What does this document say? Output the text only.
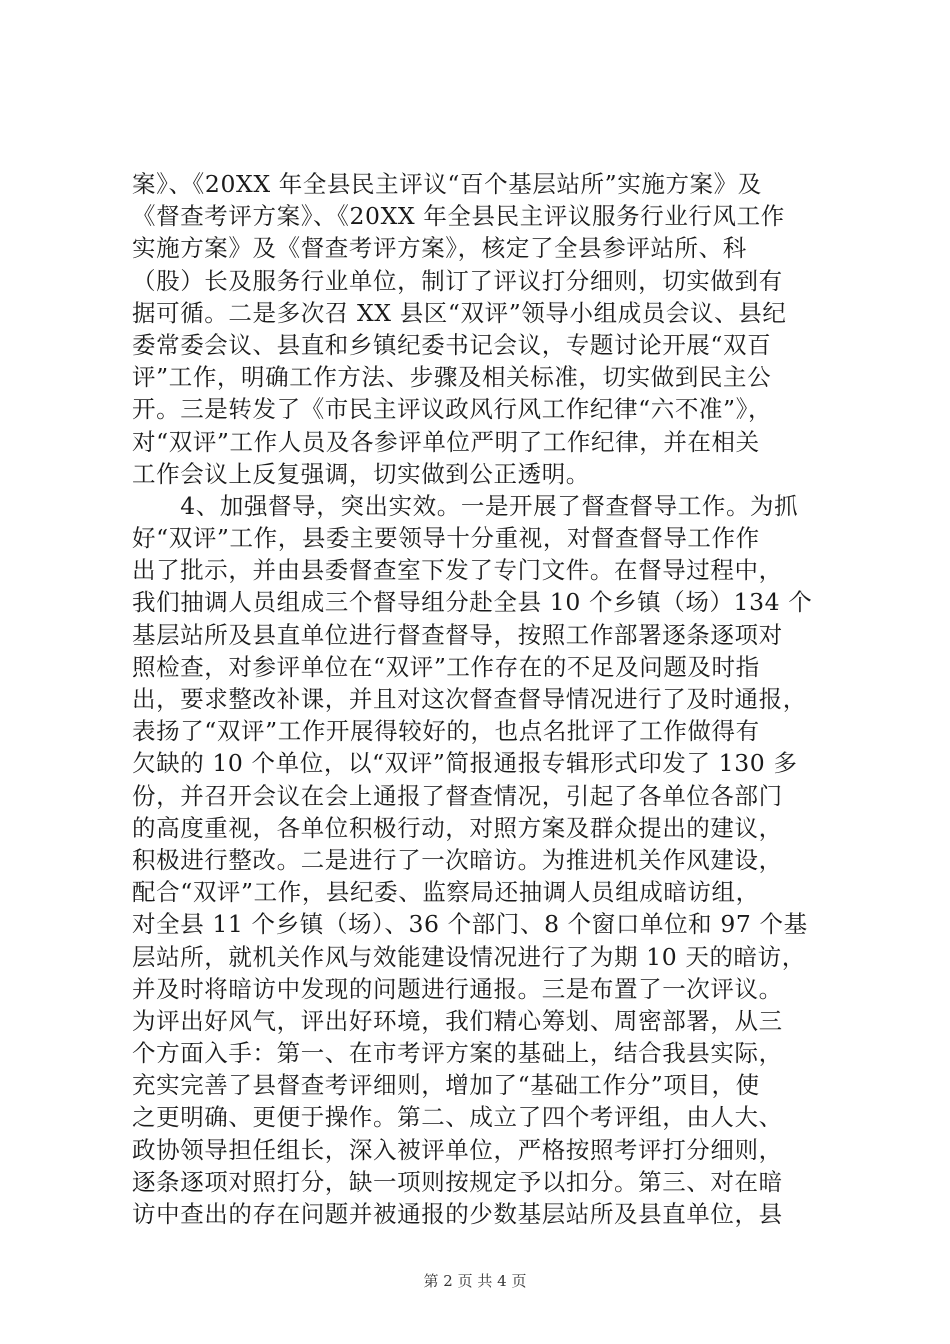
案》、《20XX 年全县民主评议“百个基层站所”实施方案》及
《督查考评方案》、《20XX 年全县民主评议服务行业行风工作
实施方案》及《督查考评方案》，核定了全县参评站所、科
（股）长及服务行业单位，制订了评议打分细则，切实做到有
据可循。二是多次召 XX 县区“双评”领导小组成员会议、县纪
委常委会议、县直和乡镇纪委书记会议，专题讨论开展“双百
评”工作，明确工作方法、步骤及相关标准，切实做到民主公
开。三是转发了《市民主评议政风行风工作纪律“六不准”》，
对“双评”工作人员及各参评单位严明了工作纪律，并在相关
工作会议上反复强调，切实做到公正透明。
　　4、加强督导，突出实效。一是开展了督查督导工作。为抓
好“双评”工作，县委主要领导十分重视，对督查督导工作作
出了批示，并由县委督查室下发了专门文件。在督导过程中，
我们抽调人员组成三个督导组分赴全县 10 个乡镇（场）134 个
基层站所及县直单位进行督查督导，按照工作部署逐条逐项对
照检查，对参评单位在“双评”工作存在的不足及问题及时指
出，要求整改补课，并且对这次督查督导情况进行了及时通报，
表扬了“双评”工作开展得较好的，也点名批评了工作做得有
欠缺的 10 个单位，以“双评”简报通报专辑形式印发了 130 多
份，并召开会议在会上通报了督查情况，引起了各单位各部门
的高度重视，各单位积极行动，对照方案及群众提出的建议，
积极进行整改。二是进行了一次暗访。为推进机关作风建设，
配合“双评”工作，县纪委、监察局还抽调人员组成暗访组，
对全县 11 个乡镇（场）、36 个部门、8 个窗口单位和 97 个基
层站所，就机关作风与效能建设情况进行了为期 10 天的暗访，
并及时将暗访中发现的问题进行通报。三是布置了一次评议。
为评出好风气，评出好环境，我们精心筹划、周密部署，从三
个方面入手：第一、在市考评方案的基础上，结合我县实际，
充实完善了县督查考评细则，增加了“基础工作分”项目，使
之更明确、更便于操作。第二、成立了四个考评组，由人大、
政协领导担任组长，深入被评单位，严格按照考评打分细则，
逐条逐项对照打分，缺一项则按规定予以扣分。第三、对在暗
访中查出的存在问题并被通报的少数基层站所及县直单位，县
第 2 页 共 4 页
